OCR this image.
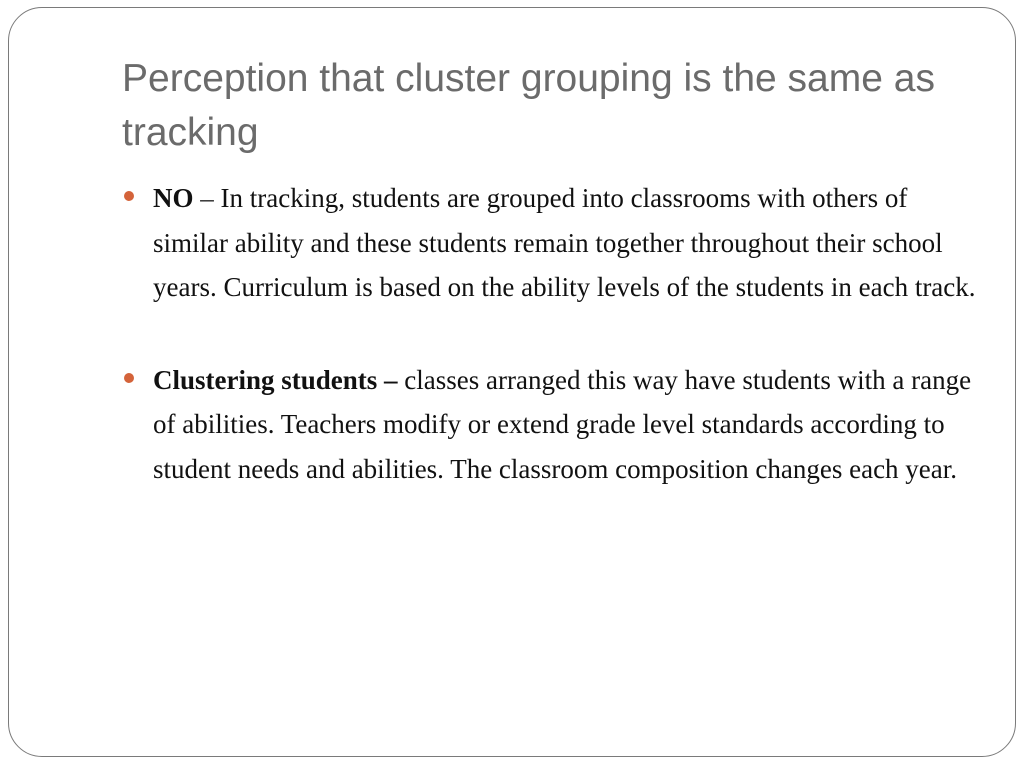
Perception that cluster grouping is the same as tracking
NO – In tracking, students are grouped into classrooms with others of similar ability and these students remain together throughout their school years. Curriculum is based on the ability levels of the students in each track.
Clustering students – classes arranged this way have students with a range of abilities. Teachers modify or extend grade level standards according to student needs and abilities. The classroom composition changes each year.
